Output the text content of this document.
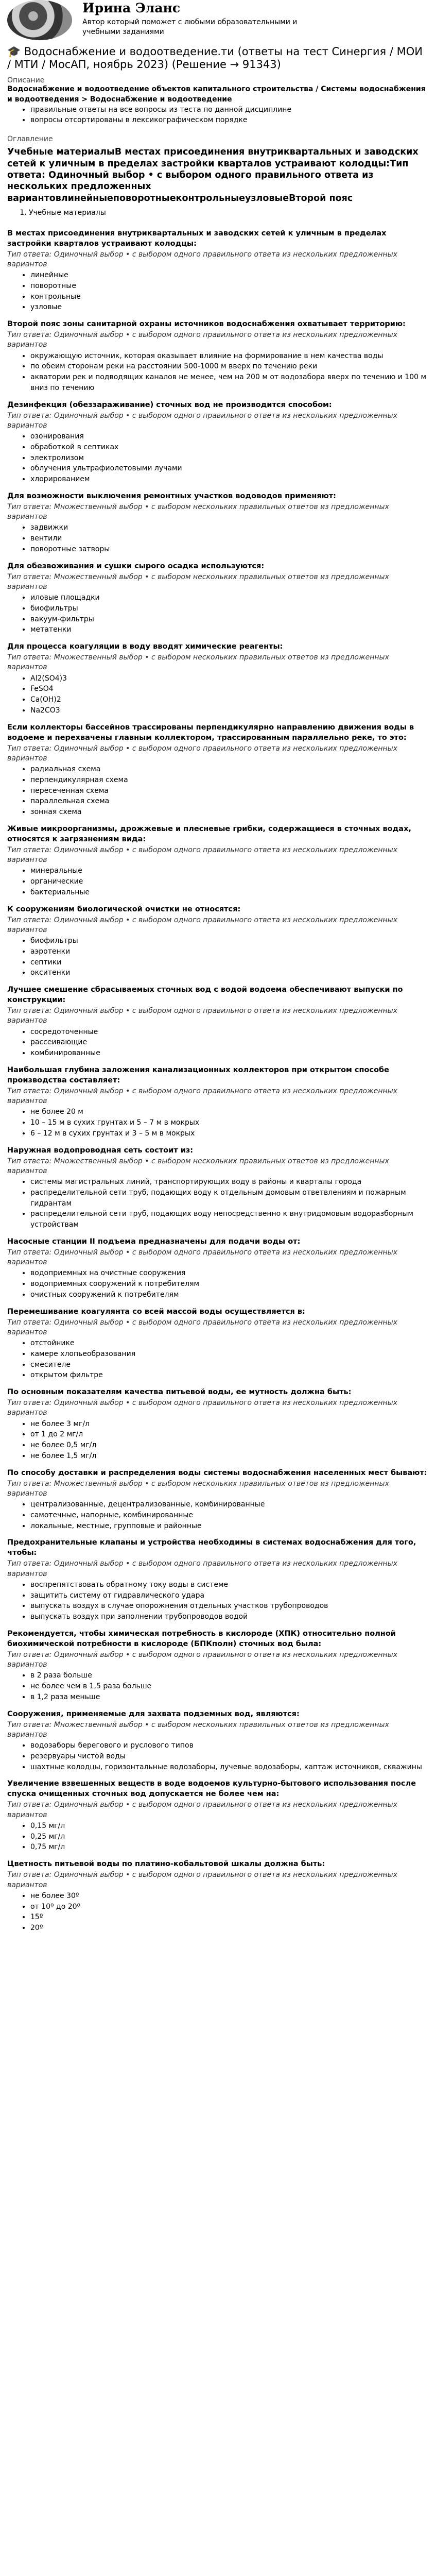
Ирина Эланс
Автор который поможет с любыми образовательными и учебными заданиями
🎓 Водоснабжение и водоотведение.ти (ответы на тест Синергия / МОИ / МТИ / МосАП, ноябрь 2023) (Решение → 91343)
Описание

Водоснабжение и водоотведение объектов капитального строительства / Системы водоснабжения и водоотведения > Водоснабжение и водоотведение

• правильные ответы на все вопросы из теста по данной дисциплине
• вопросы отсортированы в лексикографическом порядке
Оглавление
Учебные материалыВ местах присоединения внутриквартальных и заводских сетей к уличным в пределах застройки кварталов устраивают колодцы:Тип ответа: Одиночный выбор • с выбором одного правильного ответа из нескольких предложенных вариантовлинейныеповоротныеконтрольныеузловыеВторой пояс
1. Учебные материалы

В местах присоединения внутриквартальных и заводских сетей к уличным в пределах застройки кварталов устраивают колодцы:

Тип ответа: Одиночный выбор • с выбором одного правильного ответа из нескольких предложенных вариантов

• линейные
• поворотные
• контрольные
• узловые

Второй пояс зоны санитарной охраны источников водоснабжения охватывает территорию:

Тип ответа: Одиночный выбор • с выбором одного правильного ответа из нескольких предложенных вариантов

• окружающую источник, которая оказывает влияние на формирование в нем качества воды
• по обеим сторонам реки на расстоянии 500-1000 м вверх по течению реки
• акватории рек и подводящих каналов не менее, чем на 200 м от водозабора вверх по течению и 100 м вниз по течению

Дезинфекция (обеззараживание) сточных вод не производится способом:

Тип ответа: Одиночный выбор • с выбором одного правильного ответа из нескольких предложенных вариантов

• озонирования
• обработкой в септиках
• электролизом
• облучения ультрафиолетовыми лучами
• хлорированием

Для возможности выключения ремонтных участков водоводов применяют:

Тип ответа: Множественный выбор • с выбором нескольких правильных ответов из предложенных вариантов

• задвижки
• вентили
• поворотные затворы

Для обезвоживания и сушки сырого осадка используются:

Тип ответа: Множественный выбор • с выбором нескольких правильных ответов из предложенных вариантов

• иловые площадки
• биофильтры
• вакуум-фильтры
• метатенки

Для процесса коагуляции в воду вводят химические реагенты:

Тип ответа: Множественный выбор • с выбором нескольких правильных ответов из предложенных вариантов

• Al2(SO4)3
• FeSO4
• Ca(OH)2
• Na2CO3

Если коллекторы бассейнов трассированы перпендикулярно направлению движения воды в водоеме и перехвачены главным коллектором, трассированным параллельно реке, то это:

Тип ответа: Одиночный выбор • с выбором одного правильного ответа из нескольких предложенных вариантов

• радиальная схема
• перпендикулярная схема
• пересеченная схема
• параллельная схема
• зонная схема

Живые микроорганизмы, дрожжевые и плесневые грибки, содержащиеся в сточных водах, относятся к загрязнениям вида:

Тип ответа: Одиночный выбор • с выбором одного правильного ответа из нескольких предложенных вариантов

• минеральные
• органические
• бактериальные

К сооружениям биологической очистки не относятся:

Тип ответа: Одиночный выбор • с выбором одного правильного ответа из нескольких предложенных вариантов

• биофильтры
• аэротенки
• септики
• окситенки

Лучшее смешение сбрасываемых сточных вод с водой водоема обеспечивают выпуски по конструкции:

Тип ответа: Одиночный выбор • с выбором одного правильного ответа из нескольких предложенных вариантов

• сосредоточенные
• рассеивающие
• комбинированные

Наибольшая глубина заложения канализационных коллекторов при открытом способе производства составляет:

Тип ответа: Одиночный выбор • с выбором одного правильного ответа из нескольких предложенных вариантов

• не более 20 м
• 10 – 15 м в сухих грунтах и 5 – 7 м в мокрых
• 6 – 12 м в сухих грунтах и 3 – 5 м в мокрых

Наружная водопроводная сеть состоит из:

Тип ответа: Множественный выбор • с выбором нескольких правильных ответов из предложенных вариантов

• системы магистральных линий, транспортирующих воду в районы и кварталы города
• распределительной сети труб, подающих воду к отдельным домовым ответвлениям и пожарным гидрантам
• распределительной сети труб, подающих воду непосредственно к внутридомовым водоразборным устройствам

Насосные станции II подъема предназначены для подачи воды от:

Тип ответа: Одиночный выбор • с выбором одного правильного ответа из нескольких предложенных вариантов

• водоприемных на очистные сооружения
• водоприемных сооружений к потребителям
• очистных сооружений к потребителям

Перемешивание коагулянта со всей массой воды осуществляется в:

Тип ответа: Одиночный выбор • с выбором одного правильного ответа из нескольких предложенных вариантов

• отстойнике
• камере хлопьеобразования
• смесителе
• открытом фильтре

По основным показателям качества питьевой воды, ее мутность должна быть:

Тип ответа: Одиночный выбор • с выбором одного правильного ответа из нескольких предложенных вариантов

• не более 3 мг/л
• от 1 до 2 мг/л
• не более 0,5 мг/л
• не более 1,5 мг/л

По способу доставки и распределения воды системы водоснабжения населенных мест бывают:

Тип ответа: Множественный выбор • с выбором нескольких правильных ответов из предложенных вариантов

• централизованные, децентрализованные, комбинированные
• самотечные, напорные, комбинированные
• локальные, местные, групповые и районные

Предохранительные клапаны и устройства необходимы в системах водоснабжения для того, чтобы:

Тип ответа: Одиночный выбор • с выбором одного правильного ответа из нескольких предложенных вариантов

• воспрепятствовать обратному току воды в системе
• защитить систему от гидравлического удара
• выпускать воздух в случае опорожнения отдельных участков трубопроводов
• выпускать воздух при заполнении трубопроводов водой

Рекомендуется, чтобы химическая потребность в кислороде (ХПК) относительно полной биохимической потребности в кислороде (БПКполн) сточных вод была:

Тип ответа: Одиночный выбор • с выбором одного правильного ответа из нескольких предложенных вариантов

• в 2 раза больше
• не более чем в 1,5 раза больше
• в 1,2 раза меньше

Сооружения, применяемые для захвата подземных вод, являются:

Тип ответа: Множественный выбор • с выбором нескольких правильных ответов из предложенных вариантов

• водозаборы берегового и руслового типов
• резервуары чистой воды
• шахтные колодцы, горизонтальные водозаборы, лучевые водозаборы, каптаж источников, скважины

Увеличение взвешенных веществ в воде водоемов культурно-бытового использования после спуска очищенных сточных вод допускается не более чем на:

Тип ответа: Одиночный выбор • с выбором одного правильного ответа из нескольких предложенных вариантов

• 0,15 мг/л
• 0,25 мг/л
• 0,75 мг/л

Цветность питьевой воды по платино-кобальтовой шкалы должна быть:

Тип ответа: Одиночный выбор • с выбором одного правильного ответа из нескольких предложенных вариантов

• не более 30º
• от 10º до 20º
• 15º
• 20º
